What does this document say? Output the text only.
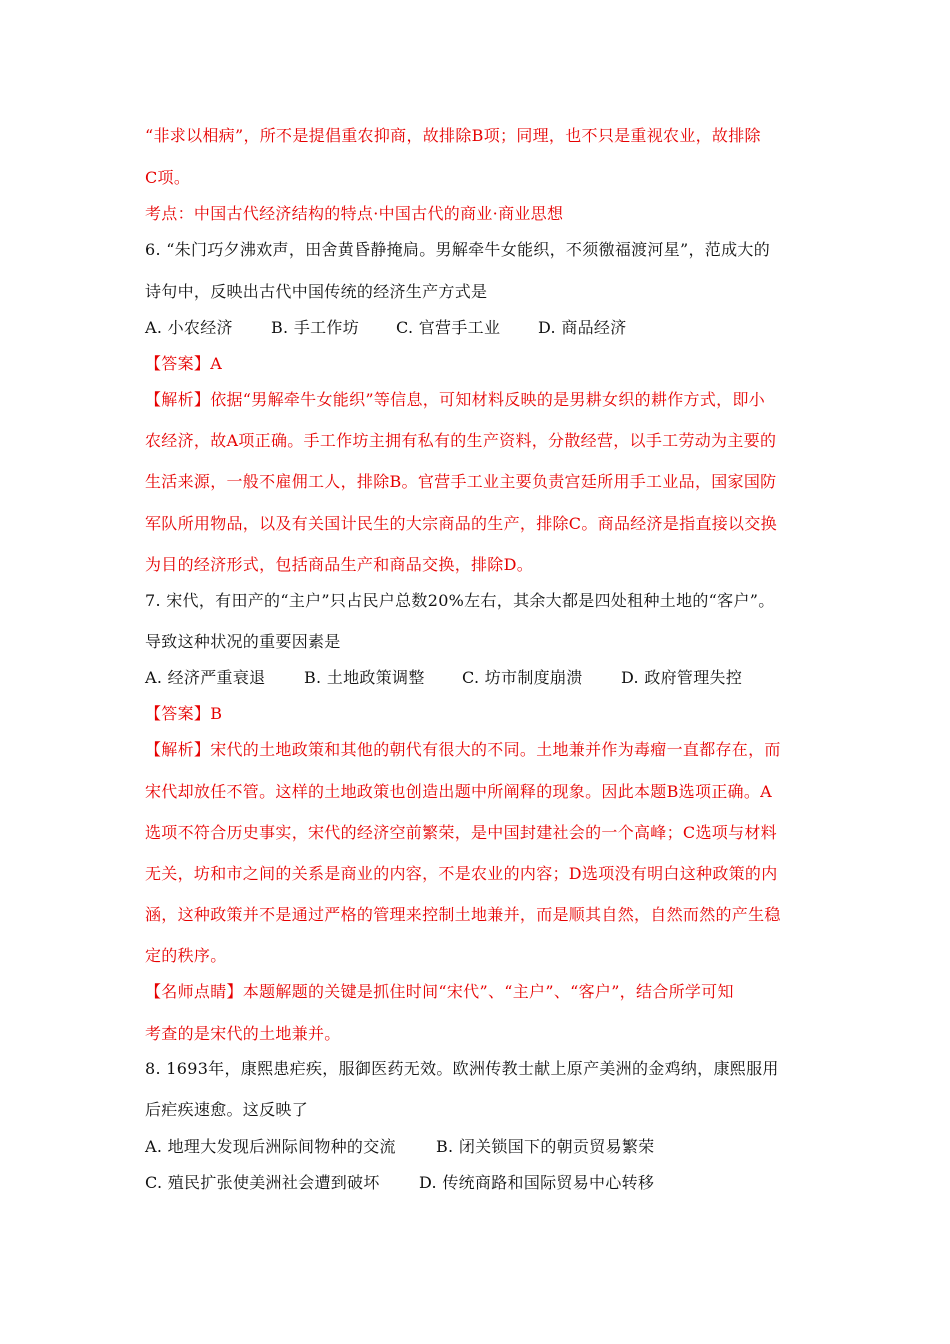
“非求以相病”，所不是提倡重农抑商，故排除B项；同理，也不只是重视农业，故排除

C项。

考点：中国古代经济结构的特点·中国古代的商业·商业思想

6. “朱门巧夕沸欢声，田舍黄昏静掩扃。男解牵牛女能织，不须徼福渡河星”，范成大的

诗句中，反映出古代中国传统的经济生产方式是

A. 小农经济 B. 手工作坊 C. 官营手工业 D. 商品经济

【答案】A

【解析】依据“男解牵牛女能织”等信息，可知材料反映的是男耕女织的耕作方式，即小

农经济，故A项正确。手工作坊主拥有私有的生产资料，分散经营，以手工劳动为主要的

生活来源，一般不雇佣工人，排除B。官营手工业主要负责宫廷所用手工业品，国家国防

军队所用物品，以及有关国计民生的大宗商品的生产，排除C。商品经济是指直接以交换

为目的经济形式，包括商品生产和商品交换，排除D。

7. 宋代，有田产的“主户”只占民户总数20%左右，其余大都是四处租种土地的“客户”。

导致这种状况的重要因素是

A. 经济严重衰退 B. 土地政策调整 C. 坊市制度崩溃 D. 政府管理失控

【答案】B

【解析】宋代的土地政策和其他的朝代有很大的不同。土地兼并作为毒瘤一直都存在，而

宋代却放任不管。这样的土地政策也创造出题中所阐释的现象。因此本题B选项正确。A

选项不符合历史事实，宋代的经济空前繁荣，是中国封建社会的一个高峰；C选项与材料

无关，坊和市之间的关系是商业的内容，不是农业的内容；D选项没有明白这种政策的内

涵，这种政策并不是通过严格的管理来控制土地兼并，而是顺其自然，自然而然的产生稳

定的秩序。

【名师点睛】本题解题的关键是抓住时间“宋代”、“主户”、“客户”，结合所学可知

考查的是宋代的土地兼并。

8. 1693年，康熙患疟疾，服御医药无效。欧洲传教士献上原产美洲的金鸡纳，康熙服用

后疟疾速愈。这反映了

A. 地理大发现后洲际间物种的交流	B. 闭关锁国下的朝贡贸易繁荣
C. 殖民扩张使美洲社会遭到破坏 D. 传统商路和国际贸易中心转移
